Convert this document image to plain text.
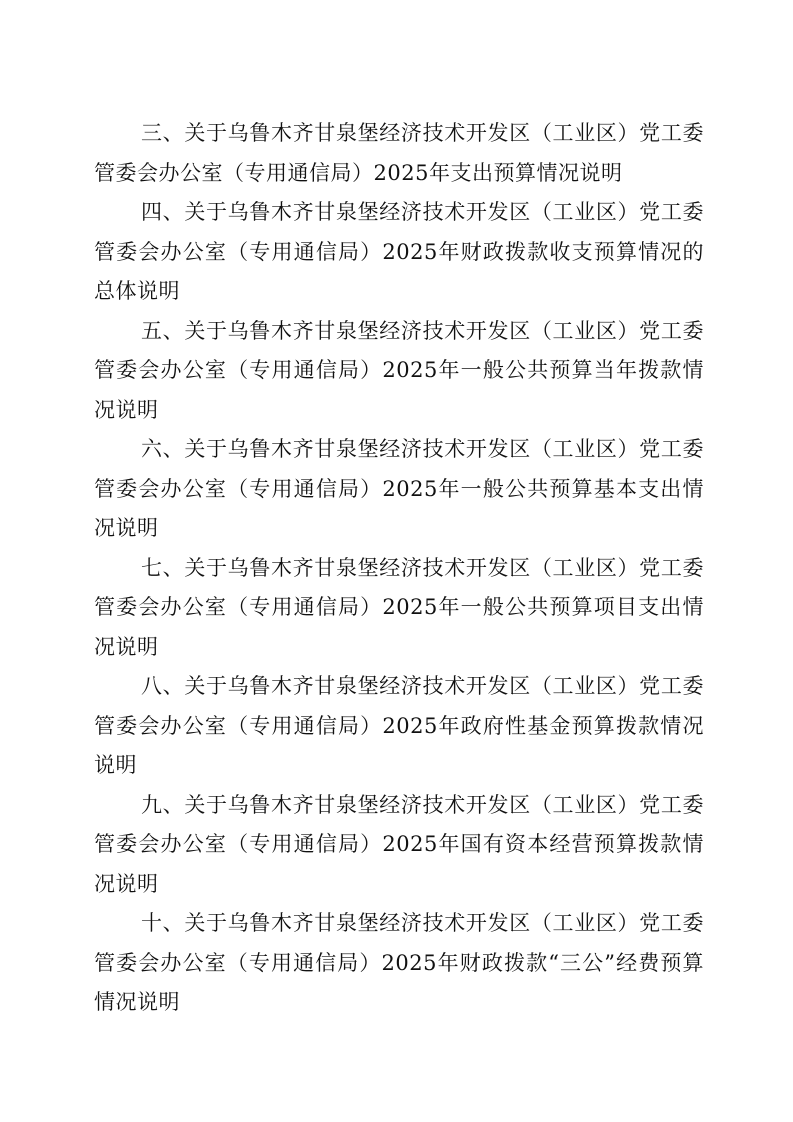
三、关于乌鲁木齐甘泉堡经济技术开发区（工业区）党工委管委会办公室（专用通信局）2025年支出预算情况说明

四、关于乌鲁木齐甘泉堡经济技术开发区（工业区）党工委管委会办公室（专用通信局）2025年财政拨款收支预算情况的总体说明

五、关于乌鲁木齐甘泉堡经济技术开发区（工业区）党工委管委会办公室（专用通信局）2025年一般公共预算当年拨款情况说明

六、关于乌鲁木齐甘泉堡经济技术开发区（工业区）党工委管委会办公室（专用通信局）2025年一般公共预算基本支出情况说明

七、关于乌鲁木齐甘泉堡经济技术开发区（工业区）党工委管委会办公室（专用通信局）2025年一般公共预算项目支出情况说明

八、关于乌鲁木齐甘泉堡经济技术开发区（工业区）党工委管委会办公室（专用通信局）2025年政府性基金预算拨款情况说明

九、关于乌鲁木齐甘泉堡经济技术开发区（工业区）党工委管委会办公室（专用通信局）2025年国有资本经营预算拨款情况说明

十、关于乌鲁木齐甘泉堡经济技术开发区（工业区）党工委管委会办公室（专用通信局）2025年财政拨款“三公”经费预算情况说明
